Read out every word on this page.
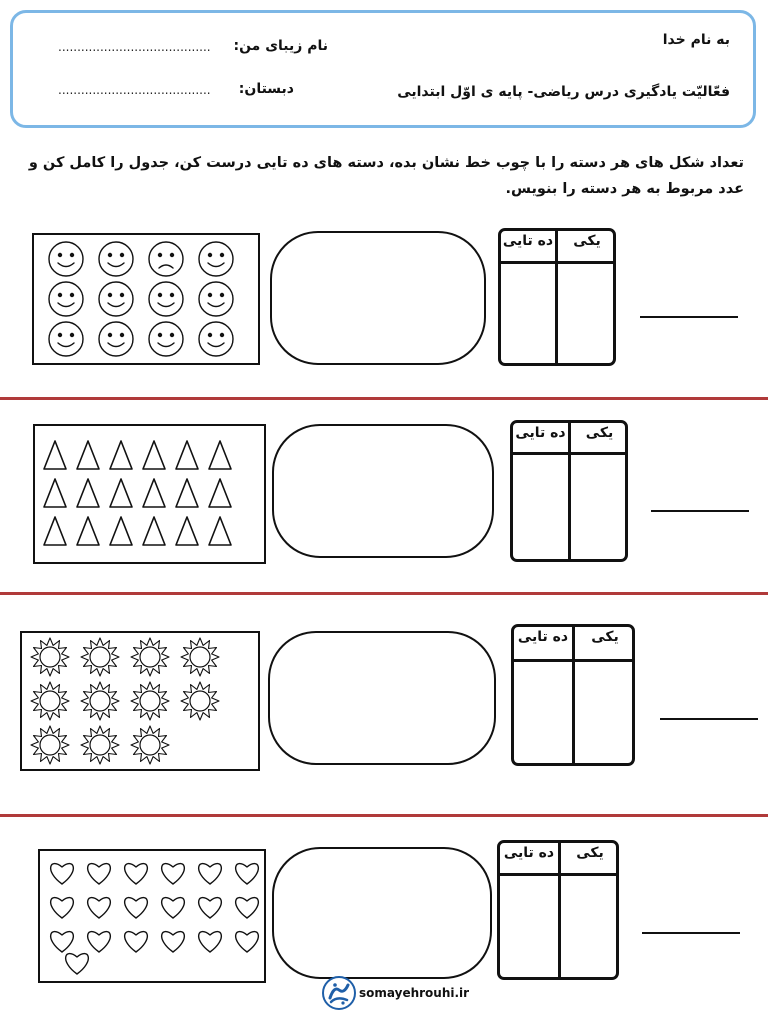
به نام خدا
فعّالیّت یادگیری درس ریاضی- پایه ی اوّل ابتدایی
نام زیبای من:
........................................
دبستان:
........................................
تعداد شکل های هر دسته را با چوب خط نشان بده، دسته های ده تایی درست کن، جدول را کامل کن و عدد مربوط به هر دسته را بنویس.
یکی
ده تایی
یکی
ده تایی
یکی
ده تایی
یکی
ده تایی
somayehrouhi.ir
